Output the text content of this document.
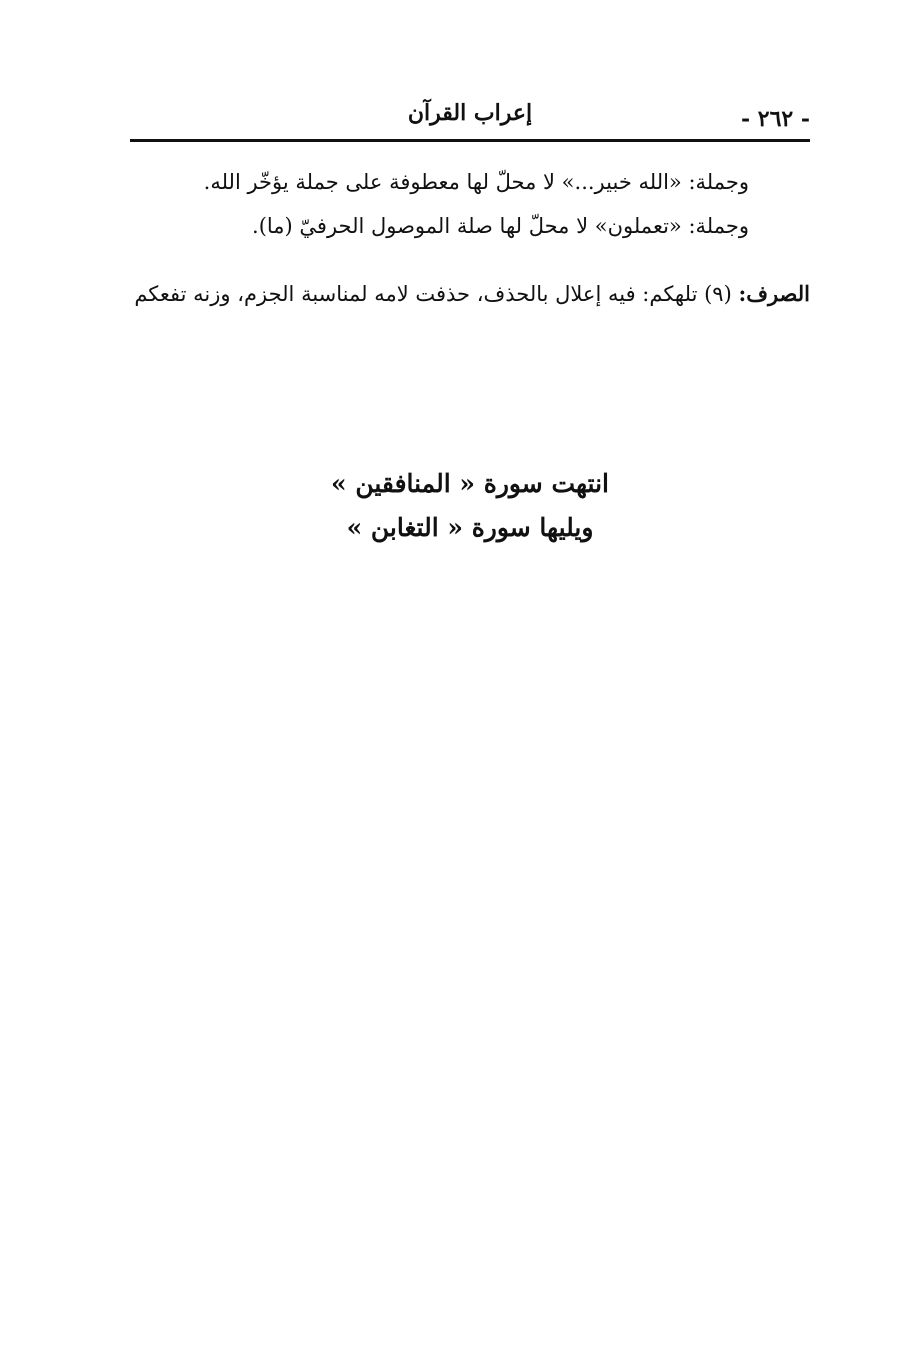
- ٢٦٢ -
إعراب القرآن
وجملة: «الله خبير...» لا محلّ لها معطوفة على جملة يؤخّر الله.
وجملة: «تعملون» لا محلّ لها صلة الموصول الحرفيّ (ما).
الصرف: (٩) تلهكم: فيه إعلال بالحذف، حذفت لامه لمناسبة الجزم، وزنه تفعكم
انتهت سورة « المنافقين »
ويليها سورة « التغابن »
